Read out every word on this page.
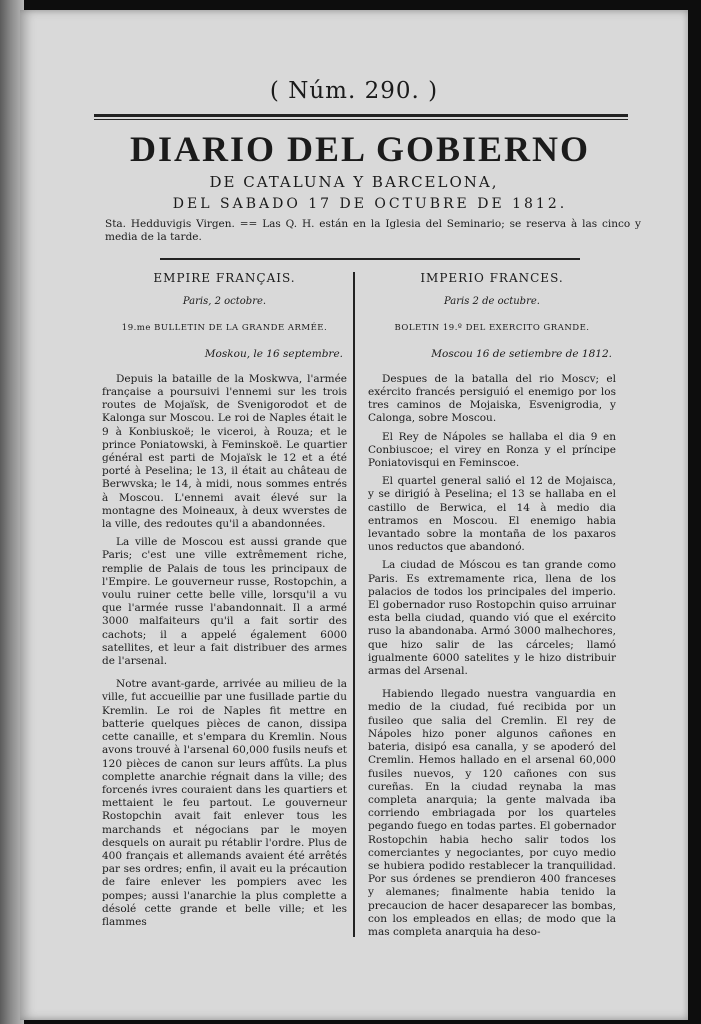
( Núm. 290. )
DIARIO DEL GOBIERNO
DE CATALUNA Y BARCELONA,
DEL SABADO 17 DE OCTUBRE DE 1812.
Sta. Hedduvigis Virgen. == Las Q. H. están en la Iglesia del Seminario; se reserva à las cinco y media de la tarde.
EMPIRE FRANÇAIS.
Paris, 2 octobre.
19.me BULLETIN DE LA GRANDE ARMÉE.
Moskou, le 16 septembre.

Depuis la bataille de la Moskwva, l'armée française a poursuivi l'ennemi sur les trois routes de Mojaïsk, de Svenigorodot et de Kalonga sur Moscou. Le roi de Naples était le 9 à Konbiuskoë; le viceroi, à Rouza; et le prince Poniatowski, à Feminskoë. Le quartier général est parti de Mojaïsk le 12 et a été porté à Peselina; le 13, il était au château de Berwvska; le 14, à midi, nous sommes entrés à Moscou. L'ennemi avait élevé sur la montagne des Moineaux, à deux wverstes de la ville, des redoutes qu'il a abandonnées.

La ville de Moscou est aussi grande que Paris; c'est une ville extrêmement riche, remplie de Palais de tous les principaux de l'Empire. Le gouverneur russe, Rostopchin, a voulu ruiner cette belle ville, lorsqu'il a vu que l'armée russe l'abandonnait. Il a armé 3000 malfaiteurs qu'il a fait sortir des cachots; il a appelé également 6000 satellites, et leur a fait distribuer des armes de l'arsenal.

Notre avant-garde, arrivée au milieu de la ville, fut accueillie par une fusillade partie du Kremlin. Le roi de Naples fit mettre en batterie quelques pièces de canon, dissipa cette canaille, et s'empara du Kremlin. Nous avons trouvé à l'arsenal 60,000 fusils neufs et 120 pièces de canon sur leurs affûts. La plus complette anarchie régnait dans la ville; des forcenés ivres couraient dans les quartiers et mettaient le feu partout. Le gouverneur Rostopchin avait fait enlever tous les marchands et négocians par le moyen desquels on aurait pu rétablir l'ordre. Plus de 400 français et allemands avaient été arrêtés par ses ordres; enfin, il avait eu la précaution de faire enlever les pompiers avec les pompes; aussi l'anarchie la plus complette a désolé cette grande et belle ville; et les flammes

IMPERIO FRANCES.
Paris 2 de octubre.
BOLETIN 19.º DEL EXERCITO GRANDE.
Moscou 16 de setiembre de 1812.

Despues de la batalla del rio Moscv; el exército francés persiguió el enemigo por los tres caminos de Mojaiska, Esvenigrodia, y Calonga, sobre Moscou.

El Rey de Nápoles se hallaba el dia 9 en Conbiuscoe; el virey en Ronza y el príncipe Poniatovisqui en Feminscoe.

El quartel general salió el 12 de Mojaisca, y se dirigió à Peselina; el 13 se hallaba en el castillo de Berwica, el 14 à medio dia entramos en Moscou. El enemigo habia levantado sobre la montaña de los paxaros unos reductos que abandonó.

La ciudad de Móscou es tan grande como Paris. Es extremamente rica, llena de los palacios de todos los principales del imperio. El gobernador ruso Rostopchin quiso arruinar esta bella ciudad, quando vió que el exército ruso la abandonaba. Armó 3000 malhechores, que hizo salir de las cárceles; llamó igualmente 6000 satelites y le hizo distribuir armas del Arsenal.

Habiendo llegado nuestra vanguardia en medio de la ciudad, fué recibida por un fusileo que salia del Cremlin. El rey de Nápoles hizo poner algunos cañones en bateria, disipó esa canalla, y se apoderó del Cremlin. Hemos hallado en el arsenal 60,000 fusiles nuevos, y 120 cañones con sus cureñas. En la ciudad reynaba la mas completa anarquia; la gente malvada iba corriendo embriagada por los quarteles pegando fuego en todas partes. El gobernador Rostopchin habia hecho salir todos los comerciantes y negociantes, por cuyo medio se hubiera podido restablecer la tranquilidad. Por sus órdenes se prendieron 400 franceses y alemanes; finalmente habia tenido la precaucion de hacer desaparecer las bombas, con los empleados en ellas; de modo que la mas completa anarquia ha deso-
